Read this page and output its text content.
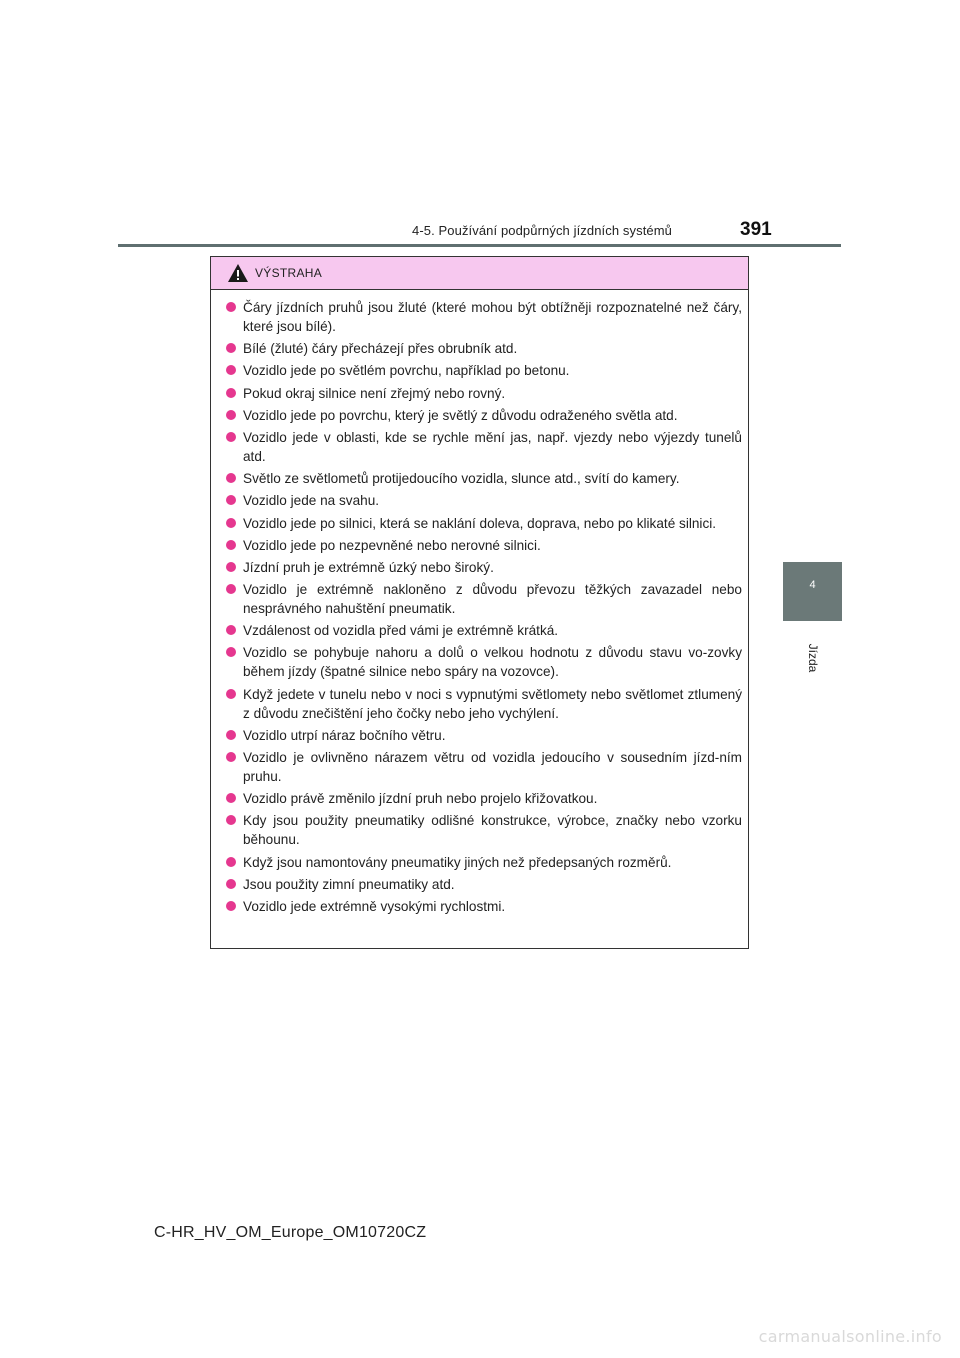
4-5. Používání podpůrných jízdních systémů	391
4
Jízda
VÝSTRAHA
Čáry jízdních pruhů jsou žluté (které mohou být obtížněji rozpoznatelné než čáry, které jsou bílé).
Bílé (žluté) čáry přecházejí přes obrubník atd.
Vozidlo jede po světlém povrchu, například po betonu.
Pokud okraj silnice není zřejmý nebo rovný.
Vozidlo jede po povrchu, který je světlý z důvodu odraženého světla atd.
Vozidlo jede v oblasti, kde se rychle mění jas, např. vjezdy nebo výjezdy tunelů atd.
Světlo ze světlometů protijedoucího vozidla, slunce atd., svítí do kamery.
Vozidlo jede na svahu.
Vozidlo jede po silnici, která se naklání doleva, doprava, nebo po klikaté silnici.
Vozidlo jede po nezpevněné nebo nerovné silnici.
Jízdní pruh je extrémně úzký nebo široký.
Vozidlo je extrémně nakloněno z důvodu převozu těžkých zavazadel nebo nesprávného nahuštění pneumatik.
Vzdálenost od vozidla před vámi je extrémně krátká.
Vozidlo se pohybuje nahoru a dolů o velkou hodnotu z důvodu stavu vo-zovky během jízdy (špatné silnice nebo spáry na vozovce).
Když jedete v tunelu nebo v noci s vypnutými světlomety nebo světlomet ztlumený z důvodu znečištění jeho čočky nebo jeho vychýlení.
Vozidlo utrpí náraz bočního větru.
Vozidlo je ovlivněno nárazem větru od vozidla jedoucího v sousedním jízd-ním pruhu.
Vozidlo právě změnilo jízdní pruh nebo projelo křižovatkou.
Kdy jsou použity pneumatiky odlišné konstrukce, výrobce, značky nebo vzorku běhounu.
Když jsou namontovány pneumatiky jiných než předepsaných rozměrů.
Jsou použity zimní pneumatiky atd.
Vozidlo jede extrémně vysokými rychlostmi.
C-HR_HV_OM_Europe_OM10720CZ
carmanualsonline.info
